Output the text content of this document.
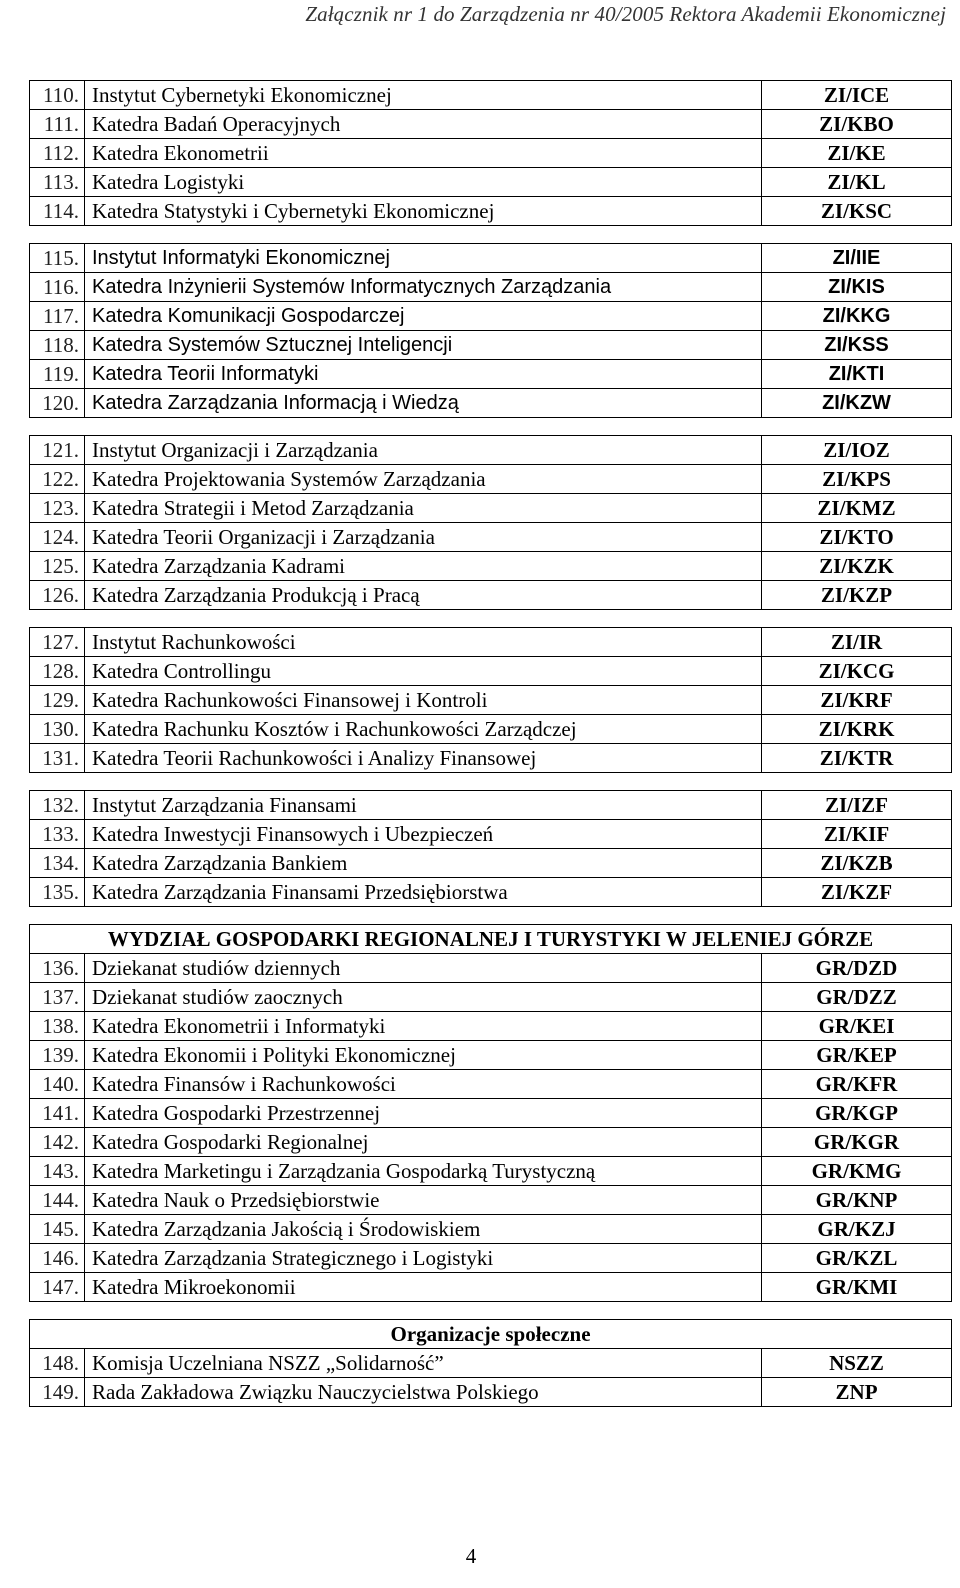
Załącznik nr 1 do Zarządzenia nr 40/2005 Rektora Akademii Ekonomicznej
110.	Instytut Cybernetyki Ekonomicznej	ZI/ICE
111.	Katedra Badań Operacyjnych	ZI/KBO
112.	Katedra Ekonometrii	ZI/KE
113.	Katedra Logistyki	ZI/KL
114.	Katedra Statystyki i Cybernetyki Ekonomicznej	ZI/KSC
115.	Instytut Informatyki Ekonomicznej	ZI/IIE
116.	Katedra Inżynierii Systemów Informatycznych Zarządzania	ZI/KIS
117.	Katedra Komunikacji Gospodarczej	ZI/KKG
118.	Katedra Systemów Sztucznej Inteligencji	ZI/KSS
119.	Katedra Teorii Informatyki	ZI/KTI
120.	Katedra Zarządzania Informacją i Wiedzą	ZI/KZW
121.	Instytut Organizacji i Zarządzania	ZI/IOZ
122.	Katedra Projektowania Systemów Zarządzania	ZI/KPS
123.	Katedra Strategii i Metod Zarządzania	ZI/KMZ
124.	Katedra Teorii Organizacji i Zarządzania	ZI/KTO
125.	Katedra Zarządzania Kadrami	ZI/KZK
126.	Katedra Zarządzania Produkcją i Pracą	ZI/KZP
127.	Instytut Rachunkowości	ZI/IR
128.	Katedra Controllingu	ZI/KCG
129.	Katedra Rachunkowości Finansowej i Kontroli	ZI/KRF
130.	Katedra Rachunku Kosztów i Rachunkowości Zarządczej	ZI/KRK
131.	Katedra Teorii Rachunkowości i Analizy Finansowej	ZI/KTR
132.	Instytut Zarządzania Finansami	ZI/IZF
133.	Katedra Inwestycji Finansowych i Ubezpieczeń	ZI/KIF
134.	Katedra Zarządzania Bankiem	ZI/KZB
135.	Katedra Zarządzania Finansami Przedsiębiorstwa	ZI/KZF
WYDZIAŁ GOSPODARKI REGIONALNEJ I TURYSTYKI W JELENIEJ GÓRZE		
136.	Dziekanat studiów dziennych	GR/DZD
137.	Dziekanat studiów zaocznych	GR/DZZ
138.	Katedra Ekonometrii i Informatyki	GR/KEI
139.	Katedra Ekonomii i Polityki Ekonomicznej	GR/KEP
140.	Katedra Finansów i Rachunkowości	GR/KFR
141.	Katedra Gospodarki Przestrzennej	GR/KGP
142.	Katedra Gospodarki Regionalnej	GR/KGR
143.	Katedra Marketingu i Zarządzania Gospodarką Turystyczną	GR/KMG
144.	Katedra Nauk o Przedsiębiorstwie	GR/KNP
145.	Katedra Zarządzania Jakością i Środowiskiem	GR/KZJ
146.	Katedra Zarządzania Strategicznego i Logistyki	GR/KZL
147.	Katedra Mikroekonomii	GR/KMI
Organizacje społeczne		
148.	Komisja Uczelniana NSZZ „Solidarność”	NSZZ
149.	Rada Zakładowa Związku Nauczycielstwa Polskiego	ZNP
4
